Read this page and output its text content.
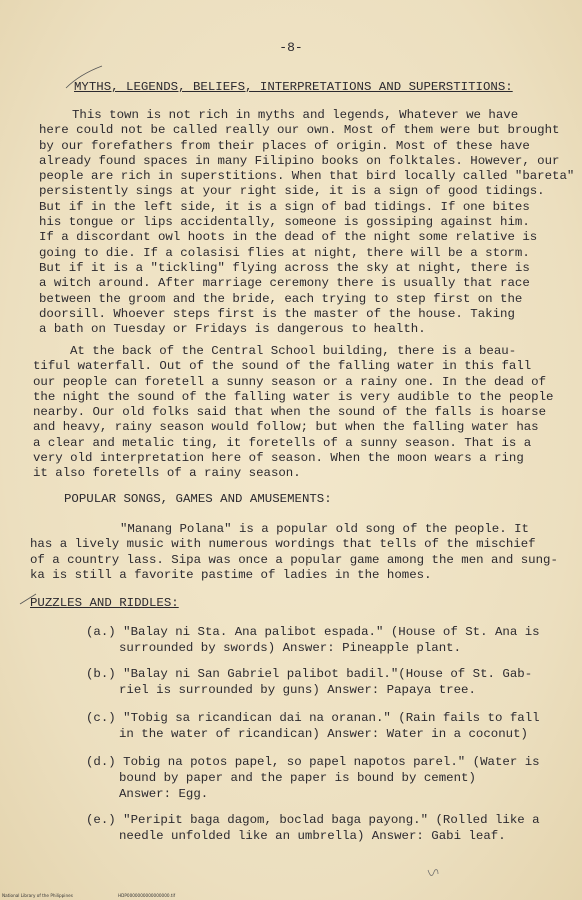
-8-
MYTHS, LEGENDS, BELIEFS, INTERPRETATIONS AND SUPERSTITIONS:
This town is not rich in myths and legends, Whatever we have
here could not be called really our own. Most of them were but brought
by our forefathers from their places of origin. Most of these have
already found spaces in many Filipino books on folktales. However, our
people are rich in superstitions. When that bird locally called "bareta"
persistently sings at your right side, it is a sign of good tidings.
But if in the left side, it is a sign of bad tidings. If one bites
his tongue or lips accidentally, someone is gossiping against him.
If a discordant owl hoots in the dead of the night some relative is
going to die. If a colasisi flies at night, there will be a storm.
But if it is a "tickling" flying across the sky at night, there is
a witch around. After marriage ceremony there is usually that race
between the groom and the bride, each trying to step first on the
doorsill. Whoever steps first is the master of the house. Taking
a bath on Tuesday or Fridays is dangerous to health.
At the back of the Central School building, there is a beau-
tiful waterfall. Out of the sound of the falling water in this fall
our people can foretell a sunny season or a rainy one. In the dead of
the night the sound of the falling water is very audible to the people
nearby. Our old folks said that when the sound of the falls is hoarse
and heavy, rainy season would follow; but when the falling water has
a clear and metalic ting, it foretells of a sunny season. That is a
very old interpretation here of season. When the moon wears a ring
it also foretells of a rainy season.
POPULAR SONGS, GAMES AND AMUSEMENTS:
"Manang Polana" is a popular old song of the people. It
has a lively music with numerous wordings that tells of the mischief
of a country lass. Sipa was once a popular game among the men and sung-
ka is still a favorite pastime of ladies in the homes.
PUZZLES AND RIDDLES:
(a.) "Balay ni Sta. Ana palibot espada." (House of St. Ana is
surrounded by swords) Answer: Pineapple plant.
(b.) "Balay ni San Gabriel palibot badil."(House of St. Gab-
riel is surrounded by guns) Answer: Papaya tree.
(c.) "Tobig sa ricandican dai na oranan." (Rain fails to fall
in the water of ricandican) Answer: Water in a coconut)
(d.) Tobig na potos papel, so papel napotos parel." (Water is
bound by paper and the paper is bound by cement)
Answer: Egg.
(e.) "Peripit baga dagom, boclad baga payong." (Rolled like a
needle unfolded like an umbrella) Answer: Gabi leaf.
National Library of the Philippines	HDP0000000000000000.tif
